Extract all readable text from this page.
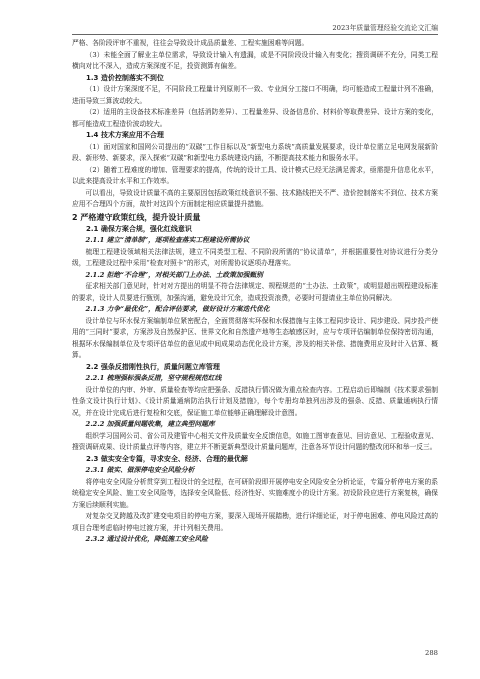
2023年质量管理经验交流论文汇编

严格、各阶段评审不重视，往往会导致设计成品质量差、工程实施困难等问题。

（3）未能全面了解业主单位需求，导致设计输入有遗漏，或是不同阶段设计输入有变化；搜资调研不充分，同类工程横向对比不深入，造成方案深度不足，投资测算有偏差。

1.3 造价控制落实不到位

（1）设计方案深度不足，不同阶段工程量计列原则不一致、专业间分工接口不明确，均可能造成工程量计列不准确，进而导致三算波动较大。

（2）适用的主设备技术标准差异（包括消防差异）、工程量差异、设备信息价、材料价等取费差异、设计方案的变化，都可能造成工程造价波动较大。

1.4 技术方案应用不合理

（1）面对国家和国网公司提出的“双碳”工作目标以及“新型电力系统”高质量发展要求，设计单位需立足电网发展新阶段、新形势、新要求，深入探索“双碳”和新型电力系统建设内涵，不断提高技术能力和服务水平。

（2）随着工程难度的增加、管理要求的提高，传统的设计工具、设计模式已经无法满足需求，亟需提升信息化水平，以此来提高设计水平和工作效率。

可以看出，导致设计质量不高的主要原因包括政策红线意识不强、技术路线把关不严、造价控制落实不到位、技术方案应用不合理四个方面，故针对这四个方面制定相应质量提升措施。

2 严格遵守政策红线，提升设计质量

2.1 确保方案合规，强化红线意识

2.1.1 建立“清单制”，逐项检查落实工程建设所需协议

梳理工程建设领域相关法律法规，建立不同类型工程、不同阶段所需的“协议清单”，并根据重要性对协议进行分类分级，工程建设过程中采用“检查对照卡”的形式，对所需协议逐项办理落实。

2.1.2 拒绝“不合理”，对相关部门上办法、土政策加强甄别

征求相关部门意见时，针对对方提出的明显不符合法律规定、规程规范的“土办法、土政策”，或明显超出规程建设标准的要求，设计人员要进行甄别，加强沟通，避免设计冗余，造成投资浪费，必要时可提请业主单位协同解决。

2.1.3 力争“最优化”，配合评估要求，做好设计方案迭代优化

设计单位与环水保方案编制单位紧密配合，全面贯彻落实环保和水保措施与主体工程同步设计、同步建设、同步投产使用的“三同时”要求，方案涉及自然保护区、世界文化和自然遗产地等生态敏感区时，应与专项评估编制单位保持密切沟通，根据环水保编制单位及专项评估单位的意见或中间成果动态优化设计方案，涉及的相关补偿、措施费用应及时计入估算、概算。

2.2 强条反措刚性执行，质量问题立库管理

2.2.1 梳理强标强条反措，坚守规程规范红线

设计单位的内审、外审、质量检查等均应把强条、反措执行情况做为重点检查内容。工程启动后即编制《技术要求强制性条文设计执行计划》、《设计质量通病防治执行计划及措施》，每个专册均单独列出涉及的强条、反措、质量通病执行情况，并在设计完成后进行复检和交底，保证施工单位能够正确理解设计意图。

2.2.2 加强质量问题收集，建立典型问题库

组织学习国网公司、省公司及建管中心相关文件及质量安全反馈信息，如施工图审查意见、回访意见、工程验收意见、搜资调研成果、设计质量点评等内容，建立并不断更新典型设计质量问题库，注意各环节设计问题的整改闭环和举一反三。

2.3 做实安全专篇，寻求安全、经济、合理的最优解

2.3.1 做实、做深停电安全风险分析

将停电安全风险分析贯穿到工程设计的全过程，在可研阶段即开展停电安全风险安全分析论证，专篇分析停电方案的系统稳定安全风险、施工安全风险等，选择安全风险低、经济性好、实施难度小的设计方案。初设阶段应进行方案复核，确保方案后续顺利实施。

对复杂交叉跨越及改扩建变电项目的停电方案，要深入现场开展踏勘，进行详细论证，对于停电困难、停电风险过高的项目合理考虑临时停电过渡方案，并计列相关费用。

2.3.2 通过设计优化，降低施工安全风险

288
